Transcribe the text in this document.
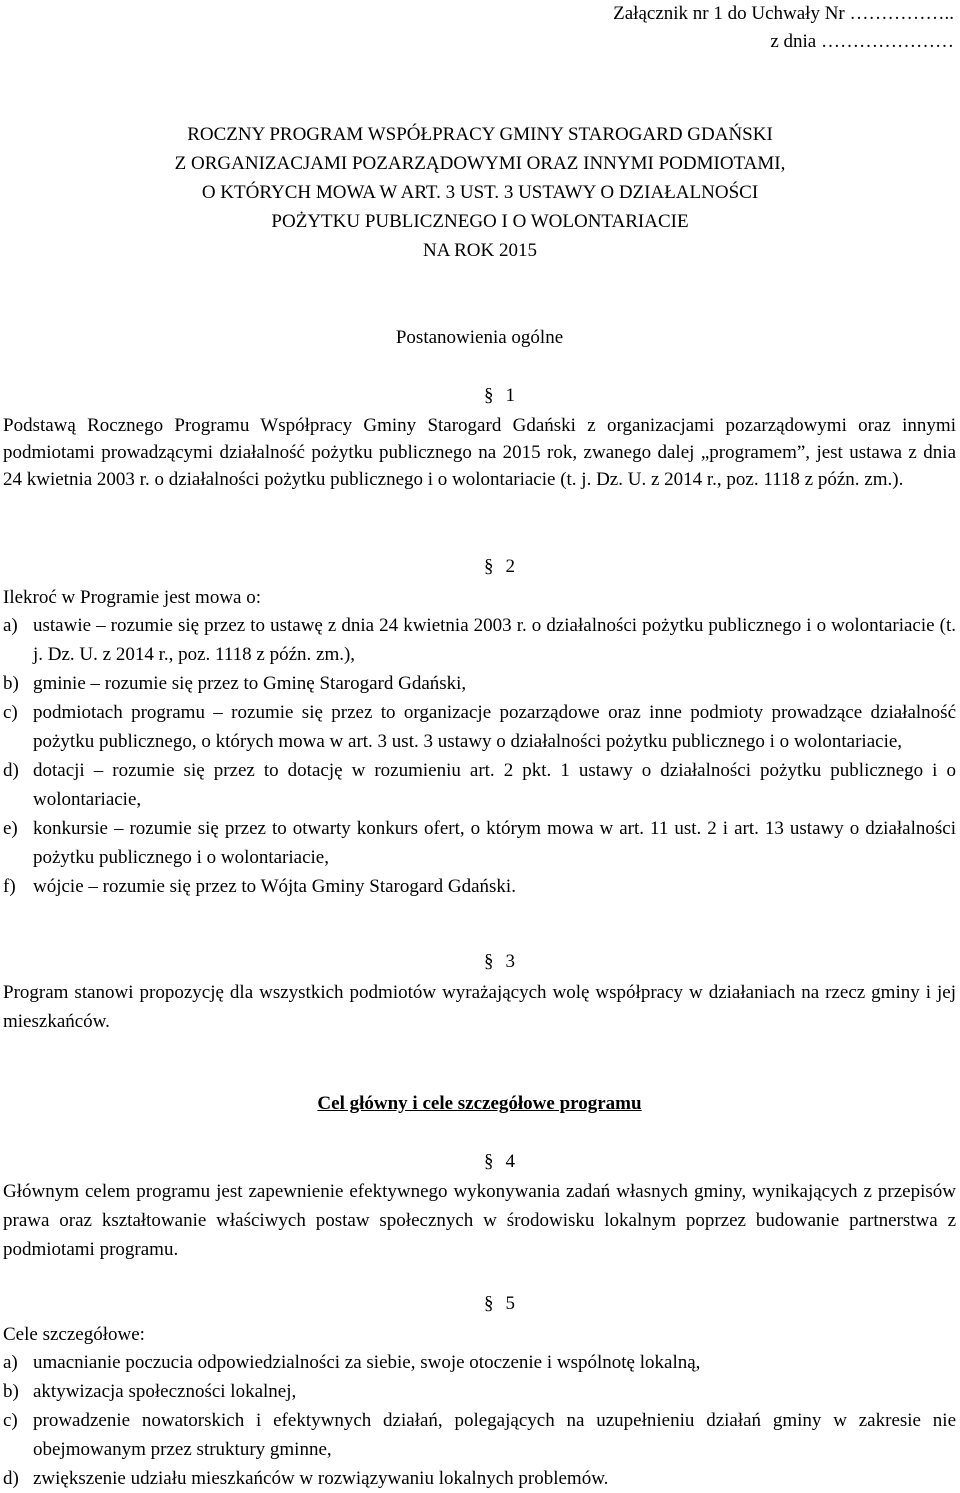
Załącznik nr 1 do Uchwały Nr ……………..
z dnia …………………
ROCZNY PROGRAM WSPÓŁPRACY GMINY STAROGARD GDAŃSKI
Z ORGANIZACJAMI POZARZĄDOWYMI ORAZ INNYMI PODMIOTAMI,
O KTÓRYCH MOWA W ART. 3 UST. 3 USTAWY O DZIAŁALNOŚCI
POŻYTKU PUBLICZNEGO I O WOLONTARIACIE
NA ROK 2015
Postanowienia ogólne
§ 1

Podstawą Rocznego Programu Współpracy Gminy Starogard Gdański z organizacjami pozarządowymi oraz innymi podmiotami prowadzącymi działalność pożytku publicznego na 2015 rok, zwanego dalej „programem”, jest ustawa z dnia 24 kwietnia 2003 r. o działalności pożytku publicznego i o wolontariacie (t. j. Dz. U. z 2014 r., poz. 1118 z późn. zm.).

§ 2
Ilekroć w Programie jest mowa o:
a) ustawie – rozumie się przez to ustawę z dnia 24 kwietnia 2003 r. o działalności pożytku publicznego i o wolontariacie (t. j. Dz. U. z 2014 r., poz. 1118 z późn. zm.),
b) gminie – rozumie się przez to Gminę Starogard Gdański,
c) podmiotach programu – rozumie się przez to organizacje pozarządowe oraz inne podmioty prowadzące działalność pożytku publicznego, o których mowa w art. 3 ust. 3 ustawy o działalności pożytku publicznego i o wolontariacie,
d) dotacji – rozumie się przez to dotację w rozumieniu art. 2 pkt. 1 ustawy o działalności pożytku publicznego i o wolontariacie,
e) konkursie – rozumie się przez to otwarty konkurs ofert, o którym mowa w art. 11 ust. 2 i art. 13 ustawy o działalności pożytku publicznego i o wolontariacie,
f) wójcie – rozumie się przez to Wójta Gminy Starogard Gdański.
§ 3

Program stanowi propozycję dla wszystkich podmiotów wyrażających wolę współpracy w działaniach na rzecz gminy i jej mieszkańców.

Cel główny i cele szczegółowe programu
§ 4

Głównym celem programu jest zapewnienie efektywnego wykonywania zadań własnych gminy, wynikających z przepisów prawa oraz kształtowanie właściwych postaw społecznych w środowisku lokalnym poprzez budowanie partnerstwa z podmiotami programu.

§ 5
Cele szczegółowe:
a) umacnianie poczucia odpowiedzialności za siebie, swoje otoczenie i wspólnotę lokalną,
b) aktywizacja społeczności lokalnej,
c) prowadzenie nowatorskich i efektywnych działań, polegających na uzupełnieniu działań gminy w zakresie nie obejmowanym przez struktury gminne,
d) zwiększenie udziału mieszkańców w rozwiązywaniu lokalnych problemów.
